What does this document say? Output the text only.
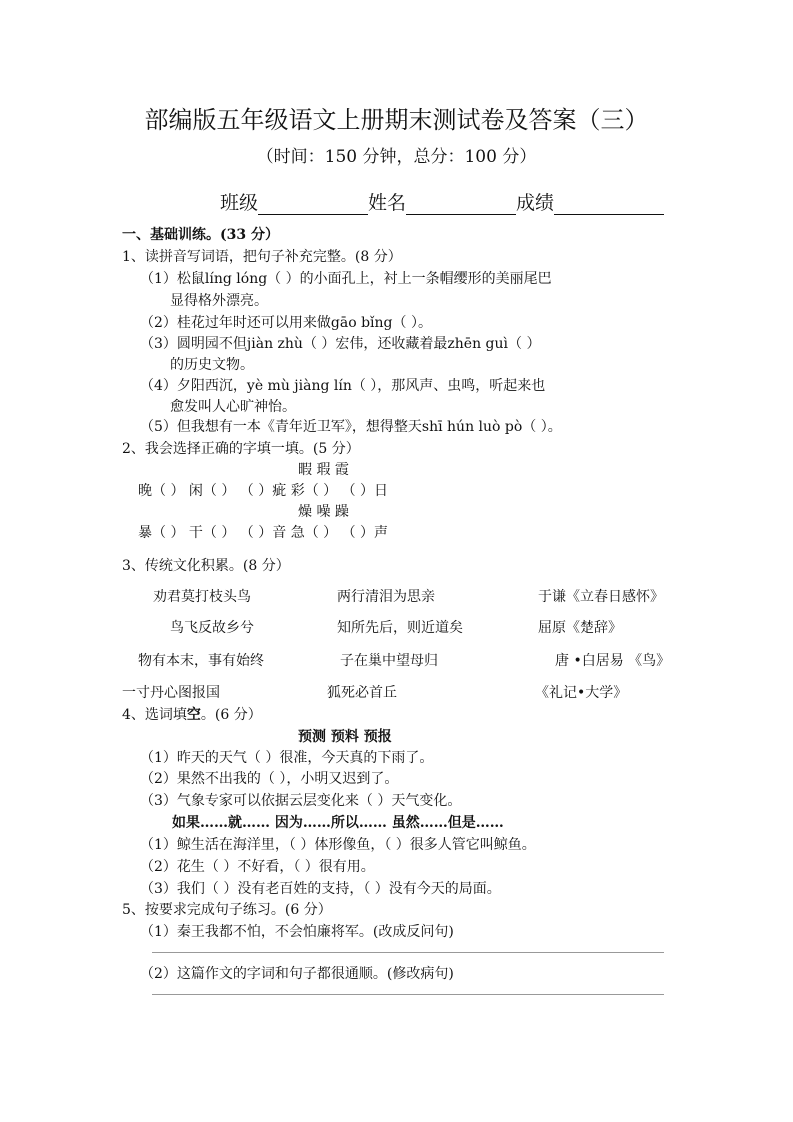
部编版五年级语文上册期末测试卷及答案（三）
（时间：150 分钟，总分：100 分）
班级	姓名	成绩
一、基础训练。(33 分）
1、读拼音写词语，把句子补充完整。(8 分）
（1）松鼠líng lóng（ ）的小面孔上，衬上一条帽缨形的美丽尾巴
显得格外漂亮。
（2）桂花过年时还可以用来做gāo bǐng（ ）。
（3）圆明园不但jiàn zhù（ ）宏伟，还收藏着最zhēn guì（ ）
的历史文物。
（4）夕阳西沉，yè mù jiàng lín（ ），那风声、虫鸣，听起来也
愈发叫人心旷神怡。
（5）但我想有一本《青年近卫军》，想得整天shī hún luò pò（ ）。
2、我会选择正确的字填一填。(5 分）
暇 瑕 霞
晚（ ） 闲（ ） （ ）疵 彩（ ） （ ）日
燥 噪 躁
暴（ ） 干（ ） （ ）音 急（ ） （ ）声
3、传统文化积累。(8 分）
劝君莫打枝头鸟	两行清泪为思亲	于谦《立春日感怀》
鸟飞反故乡兮	知所先后，则近道矣	屈原《楚辞》
物有本末，事有始终	子在巢中望母归	唐 •白居易 《鸟》
一寸丹心图报国	狐死必首丘	《礼记•大学》
4、选词填空。(6 分）
预测 预料 预报
（1）昨天的天气（ ）很准，今天真的下雨了。
（2）果然不出我的（ ），小明又迟到了。
（3）气象专家可以依据云层变化来（ ）天气变化。
如果……就…… 因为……所以…… 虽然……但是……
（1）鲸生活在海洋里，（ ）体形像鱼，（ ）很多人管它叫鲸鱼。
（2）花生（ ）不好看，（ ）很有用。
（3）我们（ ）没有老百姓的支持，（ ）没有今天的局面。
5、按要求完成句子练习。(6 分）
（1）秦王我都不怕，不会怕廉将军。(改成反问句)
（2）这篇作文的字词和句子都很通顺。(修改病句)
